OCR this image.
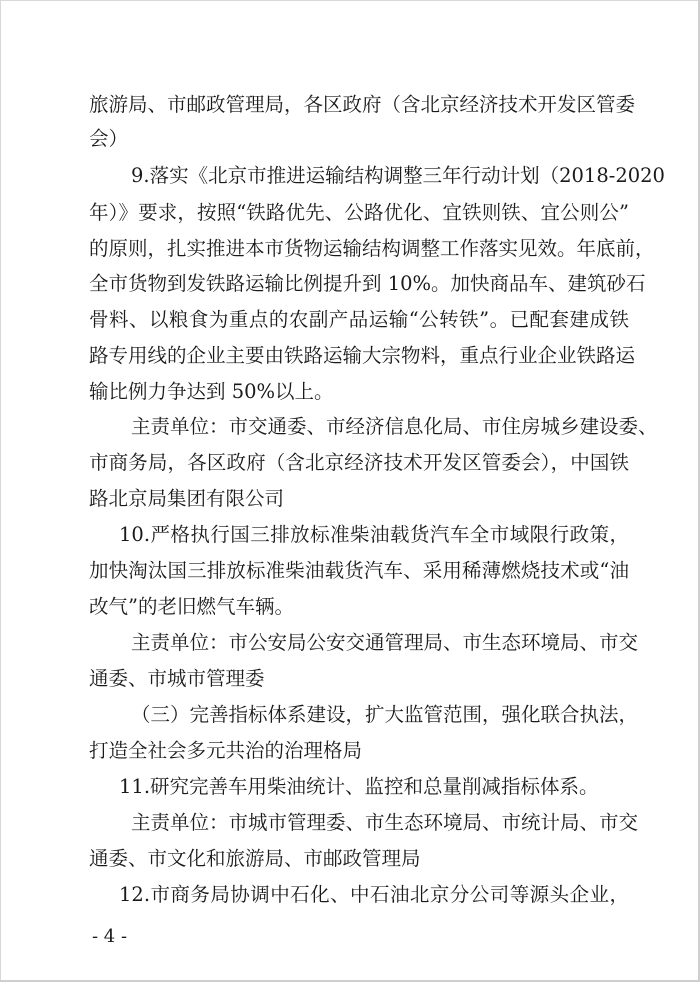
旅游局、市邮政管理局，各区政府（含北京经济技术开发区管委
会）
9.落实《北京市推进运输结构调整三年行动计划（2018-2020
年）》要求，按照“铁路优先、公路优化、宜铁则铁、宜公则公”
的原则，扎实推进本市货物运输结构调整工作落实见效。年底前，
全市货物到发铁路运输比例提升到 10%。加快商品车、建筑砂石
骨料、以粮食为重点的农副产品运输“公转铁”。已配套建成铁
路专用线的企业主要由铁路运输大宗物料，重点行业企业铁路运
输比例力争达到 50%以上。
主责单位：市交通委、市经济信息化局、市住房城乡建设委、
市商务局，各区政府（含北京经济技术开发区管委会），中国铁
路北京局集团有限公司
10.严格执行国三排放标准柴油载货汽车全市域限行政策，
加快淘汰国三排放标准柴油载货汽车、采用稀薄燃烧技术或“油
改气”的老旧燃气车辆。
主责单位：市公安局公安交通管理局、市生态环境局、市交
通委、市城市管理委
（三）完善指标体系建设，扩大监管范围，强化联合执法，
打造全社会多元共治的治理格局
11.研究完善车用柴油统计、监控和总量削减指标体系。
主责单位：市城市管理委、市生态环境局、市统计局、市交
通委、市文化和旅游局、市邮政管理局
12.市商务局协调中石化、中石油北京分公司等源头企业，
- 4 -
